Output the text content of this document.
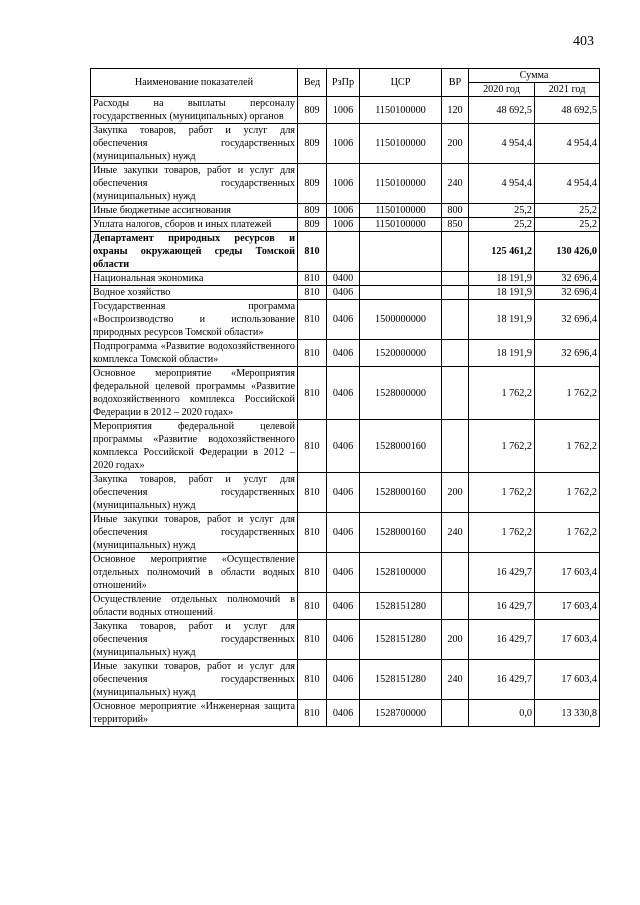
403
Наименование показателей	Вед	РзПр	ЦСР	ВР	Сумма	
					2020 год	2021 год
Расходы на выплаты персоналу государственных (муниципальных) органов	809	1006	1150100000	120	48 692,5	48 692,5
Закупка товаров, работ и услуг для обеспечения государственных (муниципальных) нужд	809	1006	1150100000	200	4 954,4	4 954,4
Иные закупки товаров, работ и услуг для обеспечения государственных (муниципальных) нужд	809	1006	1150100000	240	4 954,4	4 954,4
Иные бюджетные ассигнования	809	1006	1150100000	800	25,2	25,2
Уплата налогов, сборов и иных платежей	809	1006	1150100000	850	25,2	25,2
Департамент природных ресурсов и охраны окружающей среды Томской области	810				125 461,2	130 426,0
Национальная экономика	810	0400			18 191,9	32 696,4
Водное хозяйство	810	0406			18 191,9	32 696,4
Государственная программа «Воспроизводство и использование природных ресурсов Томской области»	810	0406	1500000000		18 191,9	32 696,4
Подпрограмма «Развитие водохозяйственного комплекса Томской области»	810	0406	1520000000		18 191,9	32 696,4
Основное мероприятие «Мероприятия федеральной целевой программы «Развитие водохозяйственного комплекса Российской Федерации в 2012 – 2020 годах»	810	0406	1528000000		1 762,2	1 762,2
Мероприятия федеральной целевой программы «Развитие водохозяйственного комплекса Российской Федерации в 2012 – 2020 годах»	810	0406	1528000160		1 762,2	1 762,2
Закупка товаров, работ и услуг для обеспечения государственных (муниципальных) нужд	810	0406	1528000160	200	1 762,2	1 762,2
Иные закупки товаров, работ и услуг для обеспечения государственных (муниципальных) нужд	810	0406	1528000160	240	1 762,2	1 762,2
Основное мероприятие «Осуществление отдельных полномочий в области водных отношений»	810	0406	1528100000		16 429,7	17 603,4
Осуществление отдельных полномочий в области водных отношений	810	0406	1528151280		16 429,7	17 603,4
Закупка товаров, работ и услуг для обеспечения государственных (муниципальных) нужд	810	0406	1528151280	200	16 429,7	17 603,4
Иные закупки товаров, работ и услуг для обеспечения государственных (муниципальных) нужд	810	0406	1528151280	240	16 429,7	17 603,4
Основное мероприятие «Инженерная защита территорий»	810	0406	1528700000		0,0	13 330,8
